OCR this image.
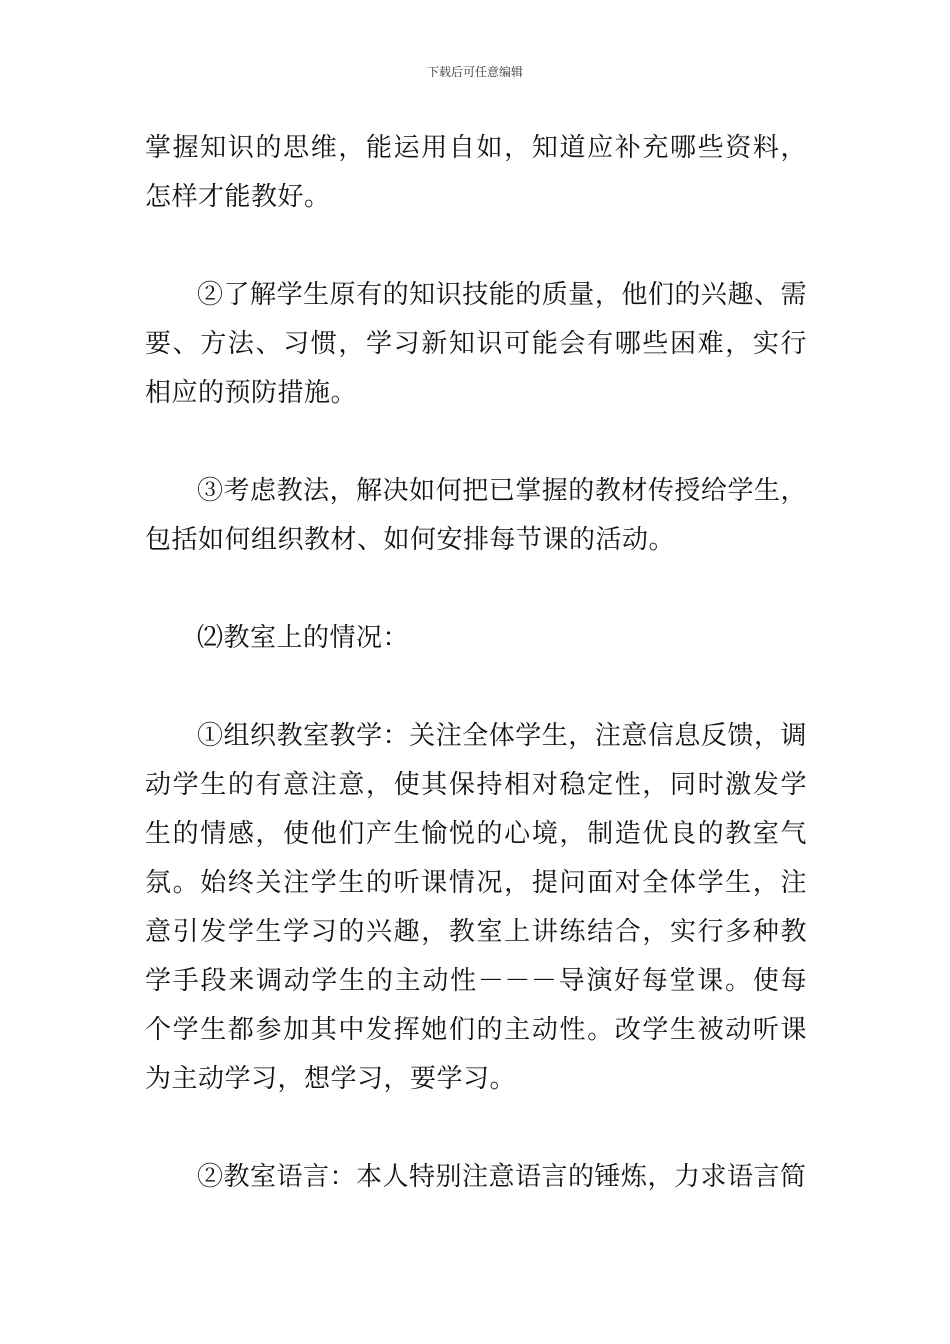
下载后可任意编辑

掌握知识的思维，能运用自如，知道应补充哪些资料，怎样才能教好。

②了解学生原有的知识技能的质量，他们的兴趣、需要、方法、习惯，学习新知识可能会有哪些困难，实行相应的预防措施。

③考虑教法，解决如何把已掌握的教材传授给学生，包括如何组织教材、如何安排每节课的活动。

⑵教室上的情况：

①组织教室教学：关注全体学生，注意信息反馈，调动学生的有意注意，使其保持相对稳定性，同时激发学生的情感，使他们产生愉悦的心境，制造优良的教室气氛。始终关注学生的听课情况，提问面对全体学生，注意引发学生学习的兴趣，教室上讲练结合，实行多种教学手段来调动学生的主动性－－－导演好每堂课。使每个学生都参加其中发挥她们的主动性。改学生被动听课为主动学习，想学习，要学习。

②教室语言：本人特别注意语言的锤炼，力求语言简
